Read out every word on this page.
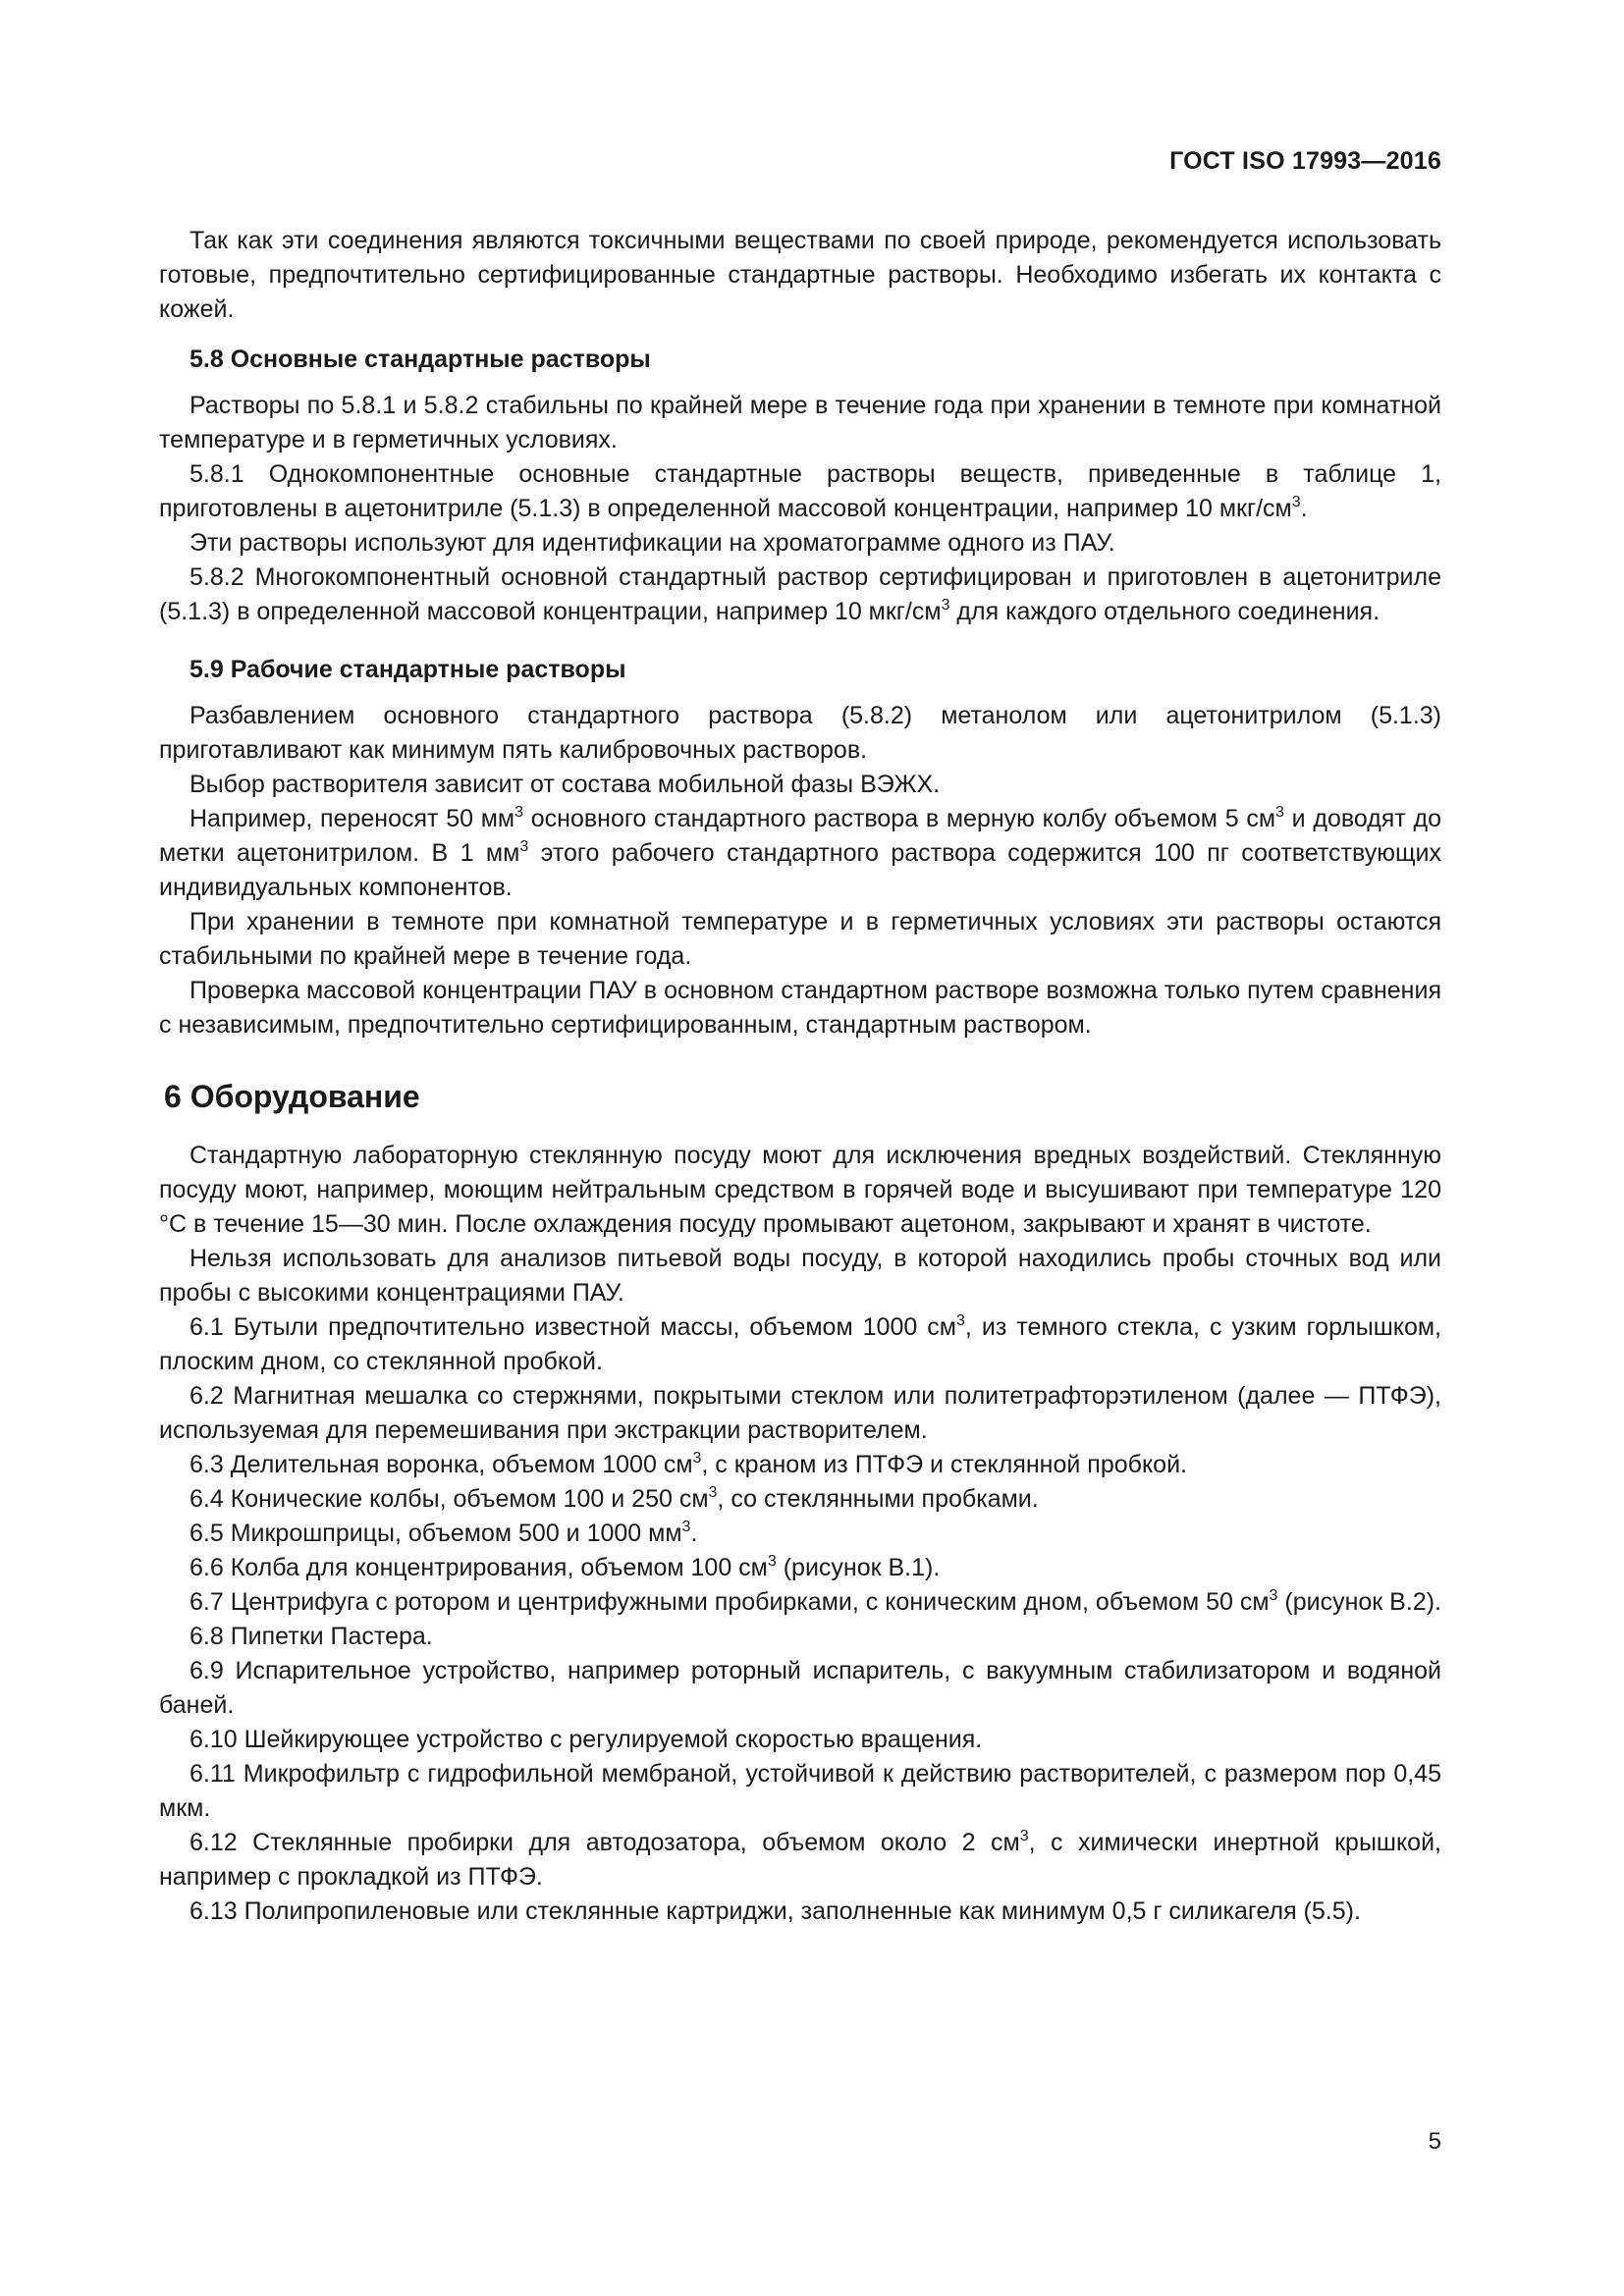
ГОСТ ISO 17993—2016

Так как эти соединения являются токсичными веществами по своей природе, рекомендуется использовать готовые, предпочтительно сертифицированные стандартные растворы. Необходимо избегать их контакта с кожей.

5.8 Основные стандартные растворы

Растворы по 5.8.1 и 5.8.2 стабильны по крайней мере в течение года при хранении в темноте при комнатной температуре и в герметичных условиях.

5.8.1 Однокомпонентные основные стандартные растворы веществ, приведенные в таблице 1, приготовлены в ацетонитриле (5.1.3) в определенной массовой концентрации, например 10 мкг/$см^3$.

Эти растворы используют для идентификации на хроматограмме одного из ПАУ.

5.8.2 Многокомпонентный основной стандартный раствор сертифицирован и приготовлен в ацетонитриле (5.1.3) в определенной массовой концентрации, например 10 мкг/$см^3$ для каждого отдельного соединения.

5.9 Рабочие стандартные растворы

Разбавлением основного стандартного раствора (5.8.2) метанолом или ацетонитрилом (5.1.3) приготавливают как минимум пять калибровочных растворов.

Выбор растворителя зависит от состава мобильной фазы ВЭЖХ.

Например, переносят 50 $мм^3$ основного стандартного раствора в мерную колбу объемом 5 $см^3$ и доводят до метки ацетонитрилом. В 1 $мм^3$ этого рабочего стандартного раствора содержится 100 пг соответствующих индивидуальных компонентов.

При хранении в темноте при комнатной температуре и в герметичных условиях эти растворы остаются стабильными по крайней мере в течение года.

Проверка массовой концентрации ПАУ в основном стандартном растворе возможна только путем сравнения с независимым, предпочтительно сертифицированным, стандартным раствором.

6 Оборудование

Стандартную лабораторную стеклянную посуду моют для исключения вредных воздействий. Стеклянную посуду моют, например, моющим нейтральным средством в горячей воде и высушивают при температуре 120 °С в течение 15—30 мин. После охлаждения посуду промывают ацетоном, закрывают и хранят в чистоте.

Нельзя использовать для анализов питьевой воды посуду, в которой находились пробы сточных вод или пробы с высокими концентрациями ПАУ.

6.1 Бутыли предпочтительно известной массы, объемом 1000 $см^3$, из темного стекла, с узким горлышком, плоским дном, со стеклянной пробкой.

6.2 Магнитная мешалка со стержнями, покрытыми стеклом или политетрафторэтиленом (далее — ПТФЭ), используемая для перемешивания при экстракции растворителем.

6.3 Делительная воронка, объемом 1000 $см^3$, с краном из ПТФЭ и стеклянной пробкой.

6.4 Конические колбы, объемом 100 и 250 $см^3$, со стеклянными пробками.

6.5 Микрошприцы, объемом 500 и 1000 $мм^3$.

6.6 Колба для концентрирования, объемом 100 $см^3$ (рисунок В.1).

6.7 Центрифуга с ротором и центрифужными пробирками, с коническим дном, объемом 50 $см^3$ (рисунок В.2).

6.8 Пипетки Пастера.

6.9 Испарительное устройство, например роторный испаритель, с вакуумным стабилизатором и водяной баней.

6.10 Шейкирующее устройство с регулируемой скоростью вращения.

6.11 Микрофильтр с гидрофильной мембраной, устойчивой к действию растворителей, с размером пор 0,45 мкм.

6.12 Стеклянные пробирки для автодозатора, объемом около 2 $см^3$, с химически инертной крышкой, например с прокладкой из ПТФЭ.

6.13 Полипропиленовые или стеклянные картриджи, заполненные как минимум 0,5 г силикагеля (5.5).

5
